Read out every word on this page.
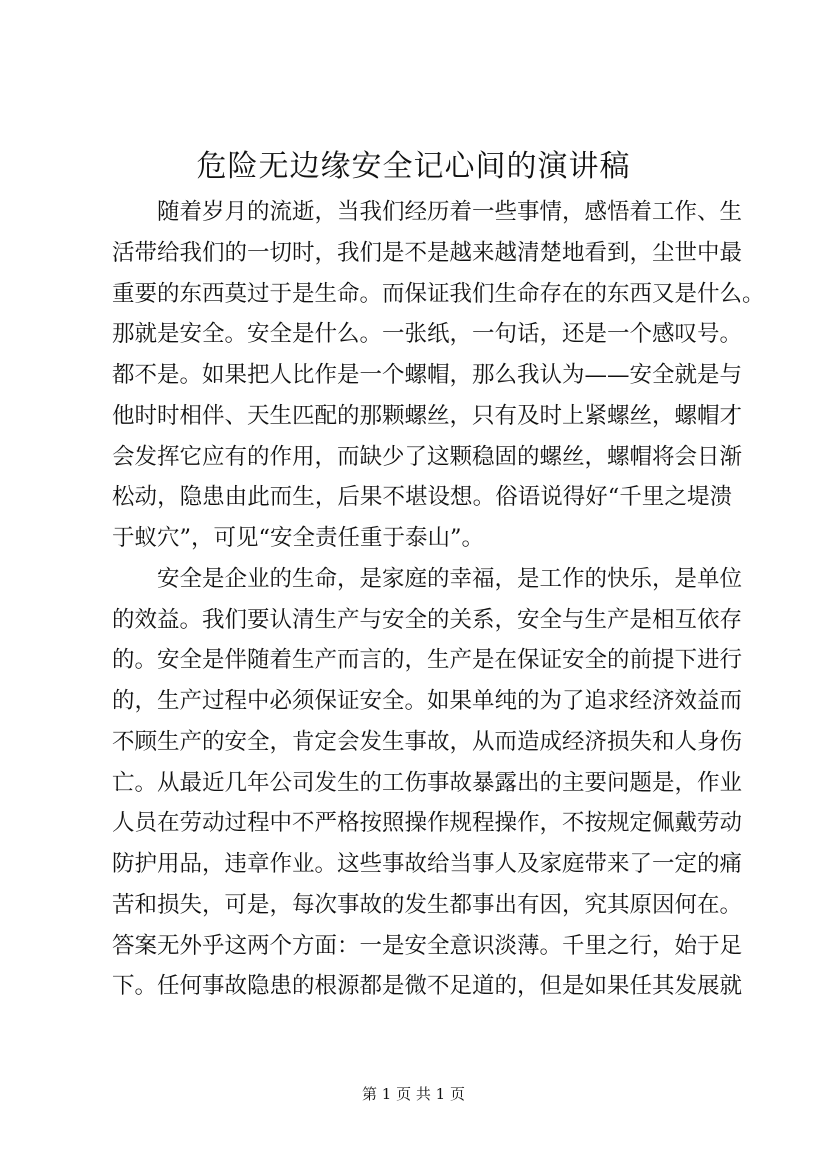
危险无边缘安全记心间的演讲稿
随着岁月的流逝，当我们经历着一些事情，感悟着工作、生
活带给我们的一切时，我们是不是越来越清楚地看到，尘世中最
重要的东西莫过于是生命。而保证我们生命存在的东西又是什么。
那就是安全。安全是什么。一张纸，一句话，还是一个感叹号。
都不是。如果把人比作是一个螺帽，那么我认为——安全就是与
他时时相伴、天生匹配的那颗螺丝，只有及时上紧螺丝，螺帽才
会发挥它应有的作用，而缺少了这颗稳固的螺丝，螺帽将会日渐
松动，隐患由此而生，后果不堪设想。俗语说得好“千里之堤溃
于蚁穴”，可见“安全责任重于泰山”。
安全是企业的生命，是家庭的幸福，是工作的快乐，是单位
的效益。我们要认清生产与安全的关系，安全与生产是相互依存
的。安全是伴随着生产而言的，生产是在保证安全的前提下进行
的，生产过程中必须保证安全。如果单纯的为了追求经济效益而
不顾生产的安全，肯定会发生事故，从而造成经济损失和人身伤
亡。从最近几年公司发生的工伤事故暴露出的主要问题是，作业
人员在劳动过程中不严格按照操作规程操作，不按规定佩戴劳动
防护用品，违章作业。这些事故给当事人及家庭带来了一定的痛
苦和损失，可是，每次事故的发生都事出有因，究其原因何在。
答案无外乎这两个方面：一是安全意识淡薄。千里之行，始于足
下。任何事故隐患的根源都是微不足道的，但是如果任其发展就
第 1 页 共 1 页
